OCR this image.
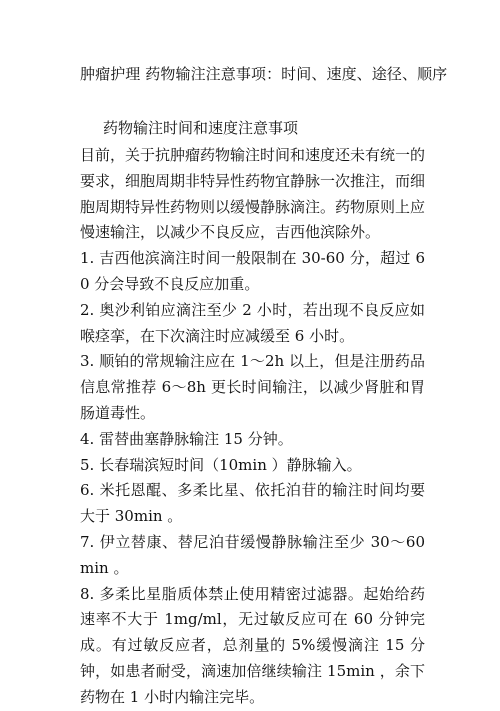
肿瘤护理 药物输注注意事项：时间、速度、途径、顺序
药物输注时间和速度注意事项

目前，关于抗肿瘤药物输注时间和速度还未有统一的要求，细胞周期非特异性药物宜静脉一次推注，而细胞周期特异性药物则以缓慢静脉滴注。药物原则上应慢速输注，以减少不良反应，吉西他滨除外。

1. 吉西他滨滴注时间一般限制在 30-60 分，超过 60 分会导致不良反应加重。

2. 奥沙利铂应滴注至少 2 小时，若出现不良反应如喉痉挛，在下次滴注时应减缓至 6 小时。

3. 顺铂的常规输注应在 1～2h 以上，但是注册药品信息常推荐 6～8h 更长时间输注，以减少肾脏和胃肠道毒性。

4. 雷替曲塞静脉输注 15 分钟。

5. 长春瑞滨短时间（10min ）静脉输入。

6. 米托恩醌、多柔比星、依托泊苷的输注时间均要大于 30min 。

7. 伊立替康、替尼泊苷缓慢静脉输注至少 30～60min 。

8. 多柔比星脂质体禁止使用精密过滤器。起始给药速率不大于 1mg/ml，无过敏反应可在 60 分钟完成。有过敏反应者，总剂量的 5%缓慢滴注 15 分钟，如患者耐受，滴速加倍继续输注 15min ，余下药物在 1 小时内输注完毕。
